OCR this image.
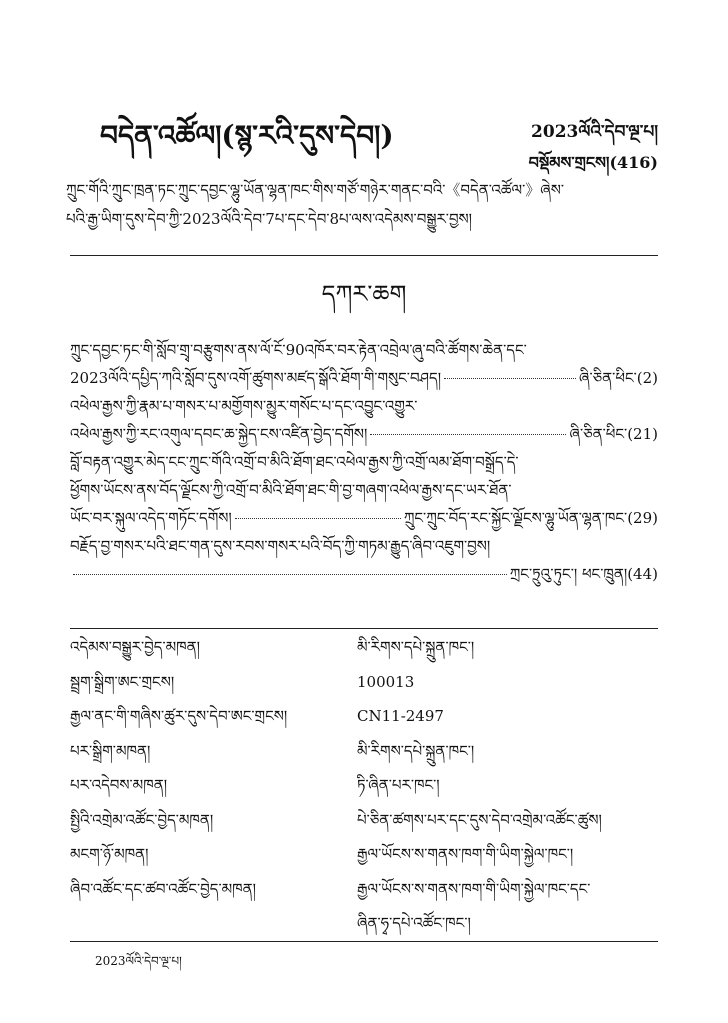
བདེན་འཚོལ།(སྙ་རའི་དུས་དེབ།)	2023ལོའི་དེབ་ལྔ་པ།
བསྡོམས་གྲངས།(416)
ཀྲུང་གོའི་ཀྲུང་ཁྲན་ཏང་ཀྲུང་དབྱང་ལྷུ་ཡོན་ལྷན་ཁང་གིས་གཙོ་གཉེར་གནང་བའི་《བདེན་འཚོལ་》ཞེས་
པའི་རྒྱ་ཡིག་དུས་དེབ་ཀྱི་2023ལོའི་དེབ་7པ་དང་དེབ་8པ་ལས་འདེམས་བསྒྱུར་བྱས།
དཀར་ཆག
ཀྲུང་དབྱང་ཏང་གི་སློབ་གྲྭ་བརྩུགས་ནས་ལོ་ངོ་90འཁོར་བར་རྟེན་འབྲེལ་ཞུ་བའི་ཚོགས་ཆེན་དང་
2023ལོའི་དཔྱིད་ཀའི་སློབ་དུས་འགོ་ཚུགས་མཛད་སྒོའི་ཐོག་གི་གསུང་བཤད།	ཞི་ཅིན་ཕིང་(2)
འཕེལ་རྒྱས་ཀྱི་རྣམ་པ་གསར་པ་མགྱོགས་མྱུར་གསོང་པ་དང་འབྱུང་འགྱུར་
འཕེལ་རྒྱས་ཀྱི་རང་འགུལ་དབང་ཆ་སྐྱེད་ངས་འཛིན་བྱེད་དགོས།	ཞི་ཅིན་ཕིང་(21)
བློ་བརྟན་འགྱུར་མེད་ངང་ཀྲུང་གོའི་འགྲོ་བ་མིའི་ཐོག་ཐང་འཕེལ་རྒྱས་ཀྱི་འགྲོ་ལམ་ཐོག་བསྒྲོད་དེ་
ཕྱོགས་ཡོངས་ནས་བོད་ལྗོངས་ཀྱི་འགྲོ་བ་མིའི་ཐོག་ཐང་གི་བྱ་གཞག་འཕེལ་རྒྱས་དང་ཡར་ཐོན་
ཡོང་བར་སྐུལ་འདེད་གཏོང་དགོས།	ཀྲུང་ཀྲུང་བོད་རང་སྐྱོང་ལྗོངས་ལྷུ་ཡོན་ལྷན་ཁང་(29)
བརྗོད་བྱ་གསར་པའི་ཐང་གན་དུས་རབས་གསར་པའི་བོད་ཀྱི་གཏམ་རྒྱུད་ཞིབ་འཇུག་བྱས།
ཀྲང་ཏྲུའུ་ཏུང་། ཕང་ཁྲུན།(44)
འདེམས་བསྒྱུར་བྱེད་མཁན།	མི་རིགས་དཔེ་སྐྲུན་ཁང་།
སྦྲག་སྒྲིག་ཨང་གྲངས།	100013
རྒྱལ་ནང་གི་གཞིས་ཚུར་དུས་དེབ་ཨང་གྲངས།	CN11-2497
པར་སྒྲིག་མཁན།	མི་རིགས་དཔེ་སྐྲུན་ཁང་།
པར་འདེབས་མཁན།	ཏི་ཞིན་པར་ཁང་།
སྤྱིའི་འགྲེམ་འཚོང་བྱེད་མཁན།	པེ་ཅིན་ཚགས་པར་དང་དུས་དེབ་འགྲེམ་འཚོང་ཚུས།
མངག་ཉོ་མཁན།	རྒྱལ་ཡོངས་ས་གནས་ཁག་གི་ཡིག་སྐྱེལ་ཁང་།
ཞིབ་འཚོང་དང་ཚབ་འཚོང་བྱེད་མཁན།	རྒྱལ་ཡོངས་ས་གནས་ཁག་གི་ཡིག་སྐྱེལ་ཁང་དང་
ཞིན་ཧྭ་དཔེ་འཚོང་ཁང་།
2023ལོའི་དེབ་ལྔ་པ།
